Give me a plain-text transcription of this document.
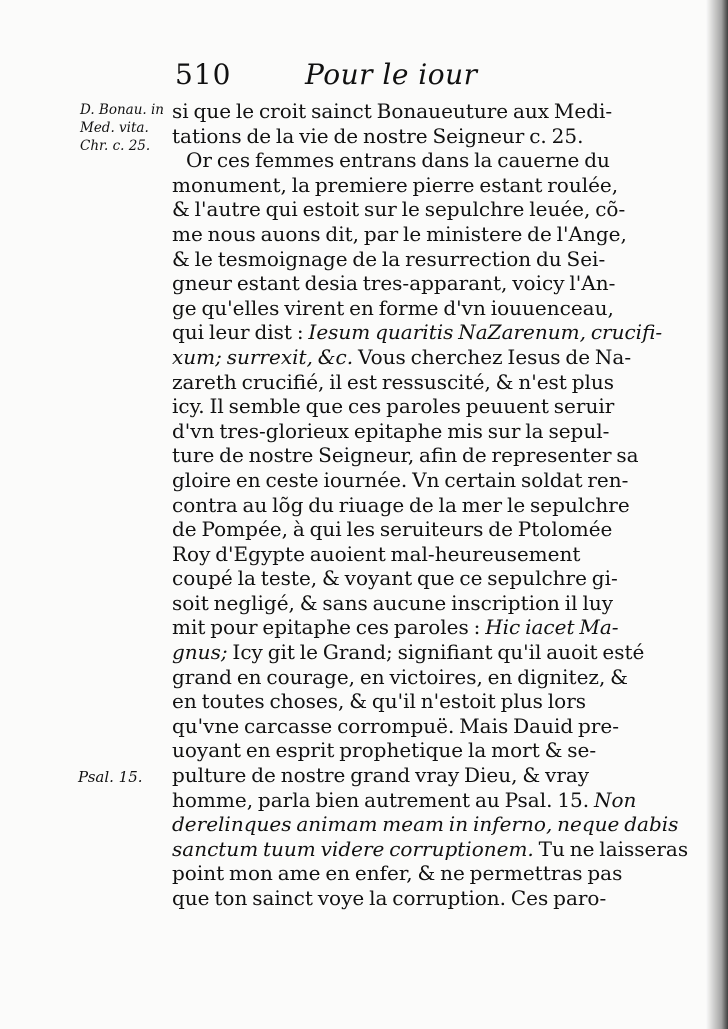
510	Pour le iour
D. Bonau. in
Med. vita.
Chr. c. 25.
Psal. 15.
si que le croit sainct Bonaueuture aux Medi-
tations de la vie de nostre Seigneur c. 25.
Or ces femmes entrans dans la cauerne du
monument, la premiere pierre estant roulée,
& l'autre qui estoit sur le sepulchre leuée, cõ-
me nous auons dit, par le ministere de l'Ange,
& le tesmoignage de la resurrection du Sei-
gneur estant desia tres-apparant, voicy l'An-
ge qu'elles virent en forme d'vn iouuenceau,
qui leur dist : Iesum quaritis NaZarenum, crucifi-
xum; surrexit, &c. Vous cherchez Iesus de Na-
zareth crucifié, il est ressuscité, & n'est plus
icy. Il semble que ces paroles peuuent seruir
d'vn tres-glorieux epitaphe mis sur la sepul-
ture de nostre Seigneur, afin de representer sa
gloire en ceste iournée. Vn certain soldat ren-
contra au lõg du riuage de la mer le sepulchre
de Pompée, à qui les seruiteurs de Ptolomée
Roy d'Egypte auoient mal-heureusement
coupé la teste, & voyant que ce sepulchre gi-
soit negligé, & sans aucune inscription il luy
mit pour epitaphe ces paroles : Hic iacet Ma-
gnus; Icy git le Grand; signifiant qu'il auoit esté
grand en courage, en victoires, en dignitez, &
en toutes choses, & qu'il n'estoit plus lors
qu'vne carcasse corrompuë. Mais Dauid pre-
uoyant en esprit prophetique la mort & se-
pulture de nostre grand vray Dieu, & vray
homme, parla bien autrement au Psal. 15. Non
derelinques animam meam in inferno, neque dabis
sanctum tuum videre corruptionem. Tu ne laisseras
point mon ame en enfer, & ne permettras pas
que ton sainct voye la corruption. Ces paro-
